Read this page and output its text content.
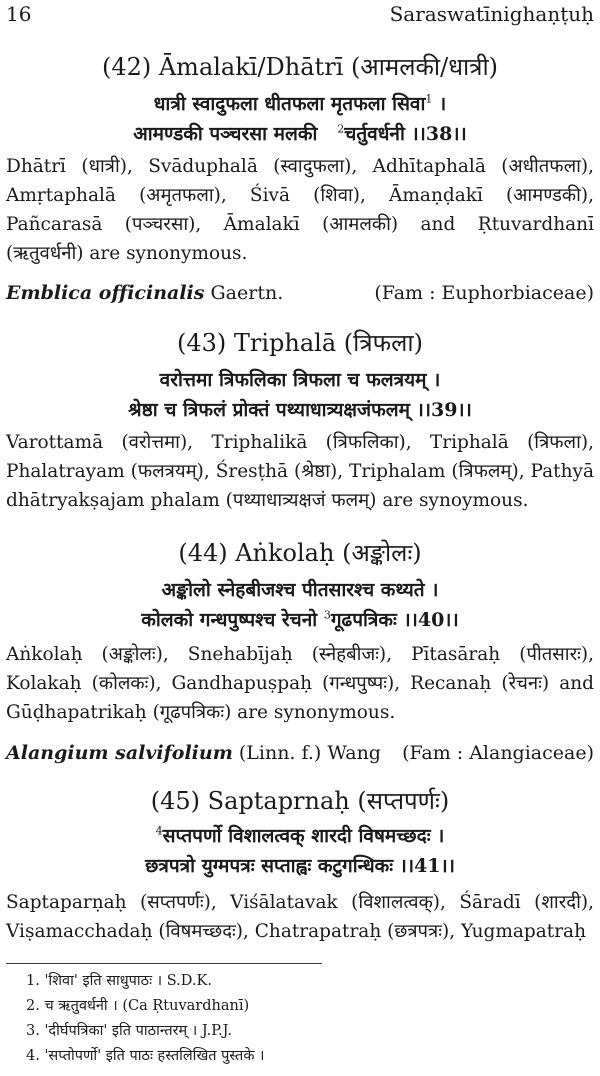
16	Saraswatīnighaṇṭuḥ
(42) Āmalakī/Dhātrī (आमलकी/धात्री)
धात्री स्वादुफला धीतफला मृतफला सिवा$^1$ ।
आमण्डकी पञ्चरसा मलकी $^2$चर्तुवर्धनी ।।38।।
Dhātrī (धात्री), Svāduphalā (स्वादुफला), Adhītaphalā (अधीतफला), Amṛtaphalā (अमृतफला), Śivā (शिवा), Āmaṇḍakī (आमण्डकी), Pañcarasā (पञ्चरसा), Āmalakī (आमलकी) and Ṛtuvardhanī (ऋतुवर्धनी) are synonymous.
Emblica officinalis Gaertn.	(Fam : Euphorbiaceae)
(43) Triphalā (त्रिफला)
वरोत्तमा त्रिफलिका त्रिफला च फलत्रयम् ।
श्रेष्ठा च त्रिफलं प्रोक्तं पथ्याधात्र्यक्षजंफलम् ।।39।।
Varottamā (वरोत्तमा), Triphalikā (त्रिफलिका), Triphalā (त्रिफला), Phalatrayam (फलत्रयम्), Śresṭhā (श्रेष्ठा), Triphalam (त्रिफलम्), Pathyā dhātryakṣajam phalam (पथ्याधात्र्यक्षजं फलम्) are synoymous.
(44) Aṅkolaḥ (अङ्कोलः)
अङ्कोलो स्नेहबीजश्च पीतसारश्च कथ्यते ।
कोलको गन्धपुष्पश्च रेचनो $^3$गूढपत्रिकः ।।40।।
Aṅkolaḥ (अङ्कोलः), Snehabījaḥ (स्नेहबीजः), Pītasāraḥ (पीतसारः), Kolakaḥ (कोलकः), Gandhapuṣpaḥ (गन्धपुष्पः), Recanaḥ (रेचनः) and Gūḍhapatrikaḥ (गूढपत्रिकः) are synonymous.
Alangium salvifolium (Linn. f.) Wang (Fam : Alangiaceae)
(45) Saptaprnaḥ (सप्तपर्णः)
$^4$सप्तपर्णो विशालत्वक् शारदी विषमच्छदः ।
छत्रपत्रो युग्मपत्रः सप्ताह्वः कटुगन्धिकः ।।41।।
Saptaparṇaḥ (सप्तपर्णः), Viśālatavak (विशालत्वक्), Śāradī (शारदी), Viṣamacchadaḥ (विषमच्छदः), Chatrapatraḥ (छत्रपत्रः), Yugmapatraḥ
1. 'शिवा' इति साधुपाठः । S.D.K.
2. च ऋतुवर्धनी । (Ca Ṛtuvardhanī)
3. 'दीर्घपत्रिका' इति पाठान्तरम् । J.P.J.
4. 'सप्तोपर्णो' इति पाठः हस्तलिखित पुस्तके ।
